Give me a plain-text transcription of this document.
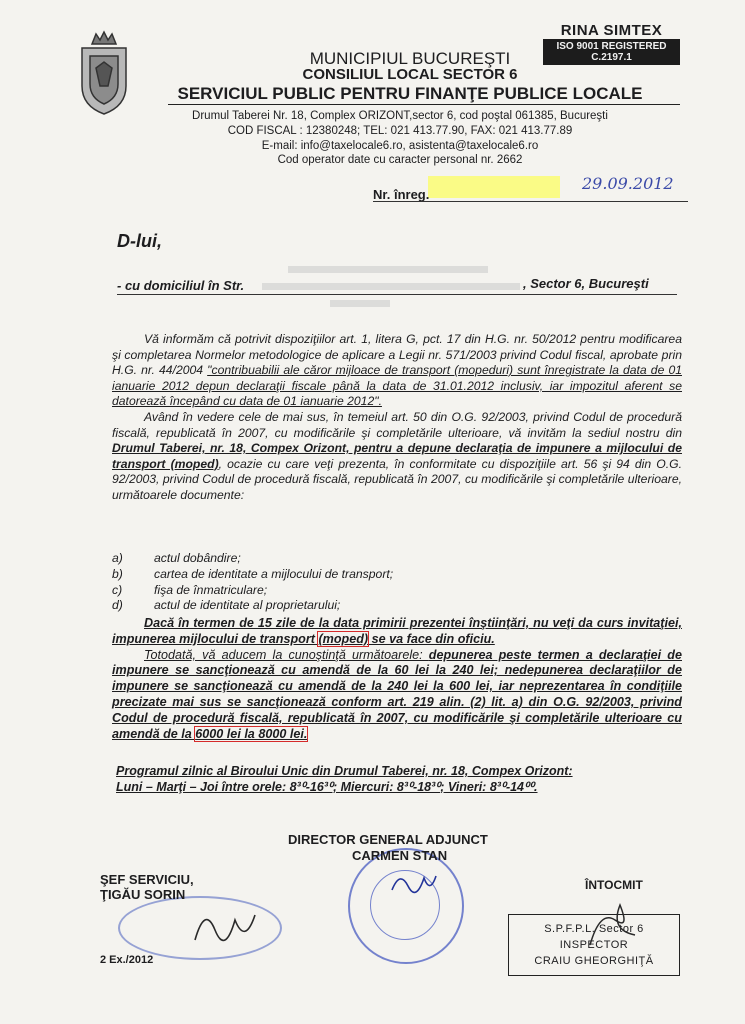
MUNICIPIUL BUCUREŞTI
CONSILIUL LOCAL SECTOR 6
SERVICIUL PUBLIC PENTRU FINANŢE PUBLICE LOCALE
RINA SIMTEX
ISO 9001 REGISTERED C.2197.1
Drumul Taberei Nr. 18, Complex ORIZONT,sector 6, cod poştal 061385, Bucureşti
COD FISCAL : 12380248; TEL: 021 413.77.90, FAX: 021 413.77.89
E-mail: info@taxelocale6.ro, asistenta@taxelocale6.ro
Cod operator date cu caracter personal nr. 2662
Nr. înreg.
29.09.2012
D-lui,
- cu domiciliul în Str.	, Sector 6, Bucureşti

Vă informăm că potrivit dispoziţiilor art. 1, litera G, pct. 17 din H.G. nr. 50/2012 pentru modificarea şi completarea Normelor metodologice de aplicare a Legii nr. 571/2003 privind Codul fiscal, aprobate prin H.G. nr. 44/2004 "contribuabilii ale căror mijloace de transport (mopeduri) sunt înregistrate la data de 01 ianuarie 2012 depun declaraţii fiscale până la data de 31.01.2012 inclusiv, iar impozitul aferent se datorează începând cu data de 01 ianuarie 2012".

Având în vedere cele de mai sus, în temeiul art. 50 din O.G. 92/2003, privind Codul de procedură fiscală, republicată în 2007, cu modificările şi completările ulterioare, vă invităm la sediul nostru din Drumul Taberei, nr. 18, Compex Orizont, pentru a depune declaraţia de impunere a mijlocului de transport (moped), ocazie cu care veţi prezenta, în conformitate cu dispoziţiile art. 56 şi 94 din O.G. 92/2003, privind Codul de procedură fiscală, republicată în 2007, cu modificările şi completările ulterioare, următoarele documente:

a)	actul dobândire;
b)	cartea de identitate a mijlocului de transport;
c)	fişa de înmatriculare;
d)	actul de identitate al proprietarului;

Dacă în termen de 15 zile de la data primirii prezentei înştiinţări, nu veţi da curs invitaţiei, impunerea mijlocului de transport (moped) se va face din oficiu.

Totodată, vă aducem la cunoştinţă următoarele: depunerea peste termen a declaraţiei de impunere se sancţionează cu amendă de la 60 lei la 240 lei; nedepunerea declaraţiilor de impunere se sancţionează cu amendă de la 240 lei la 600 lei, iar neprezentarea în condiţiile precizate mai sus se sancţionează conform art. 219 alin. (2) lit. a) din O.G. 92/2003, privind Codul de procedură fiscală, republicată în 2007, cu modificările şi completările ulterioare cu amendă de la 6000 lei la 8000 lei.

Programul zilnic al Biroului Unic din Drumul Taberei, nr. 18, Compex Orizont:
Luni – Marţi – Joi între orele: 8³⁰-16³⁰; Miercuri: 8³⁰-18³⁰; Vineri: 8³⁰-14⁰⁰.
DIRECTOR GENERAL ADJUNCT
CARMEN STAN
ŞEF SERVICIU,
ŢIGĂU SORIN
ÎNTOCMIT
S.P.F.P.L. Sector 6
INSPECTOR
CRAIU GHEORGHIŢĂ
2 Ex./2012
